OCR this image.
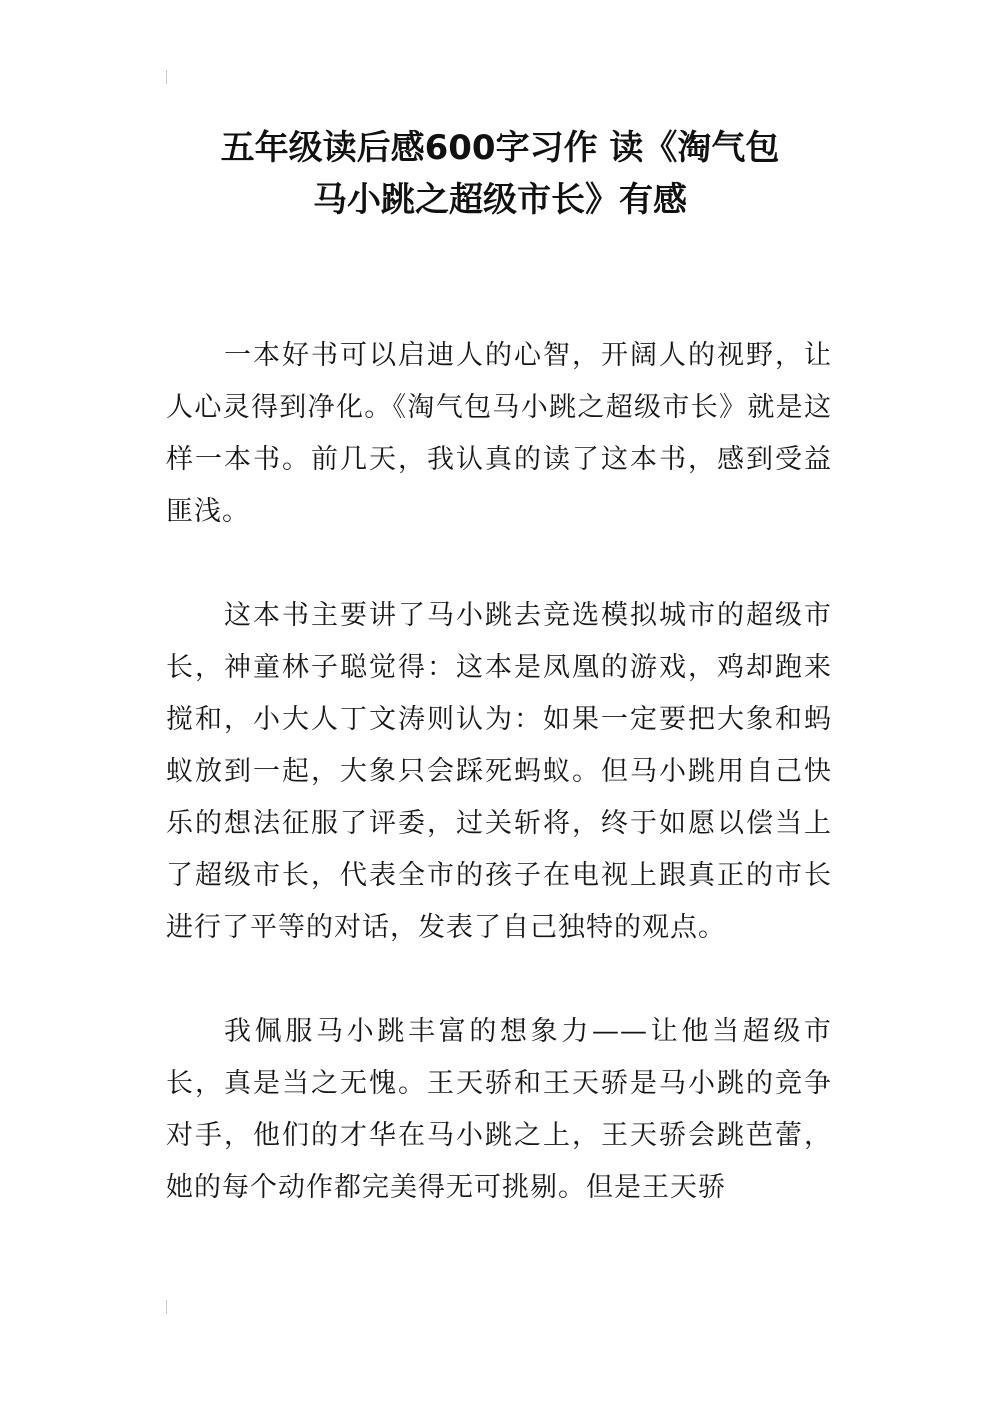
五年级读后感600字习作 读《淘气包
马小跳之超级市长》有感

一本好书可以启迪人的心智，开阔人的视野，让人心灵得到净化。《淘气包马小跳之超级市长》就是这样一本书。前几天，我认真的读了这本书，感到受益匪浅。

这本书主要讲了马小跳去竞选模拟城市的超级市长，神童林子聪觉得：这本是凤凰的游戏，鸡却跑来搅和，小大人丁文涛则认为：如果一定要把大象和蚂蚁放到一起，大象只会踩死蚂蚁。但马小跳用自己快乐的想法征服了评委，过关斩将，终于如愿以偿当上了超级市长，代表全市的孩子在电视上跟真正的市长进行了平等的对话，发表了自己独特的观点。

我佩服马小跳丰富的想象力——让他当超级市长，真是当之无愧。王天骄和王天骄是马小跳的竞争对手，他们的才华在马小跳之上，王天骄会跳芭蕾，她的每个动作都完美得无可挑剔。但是王天骄
